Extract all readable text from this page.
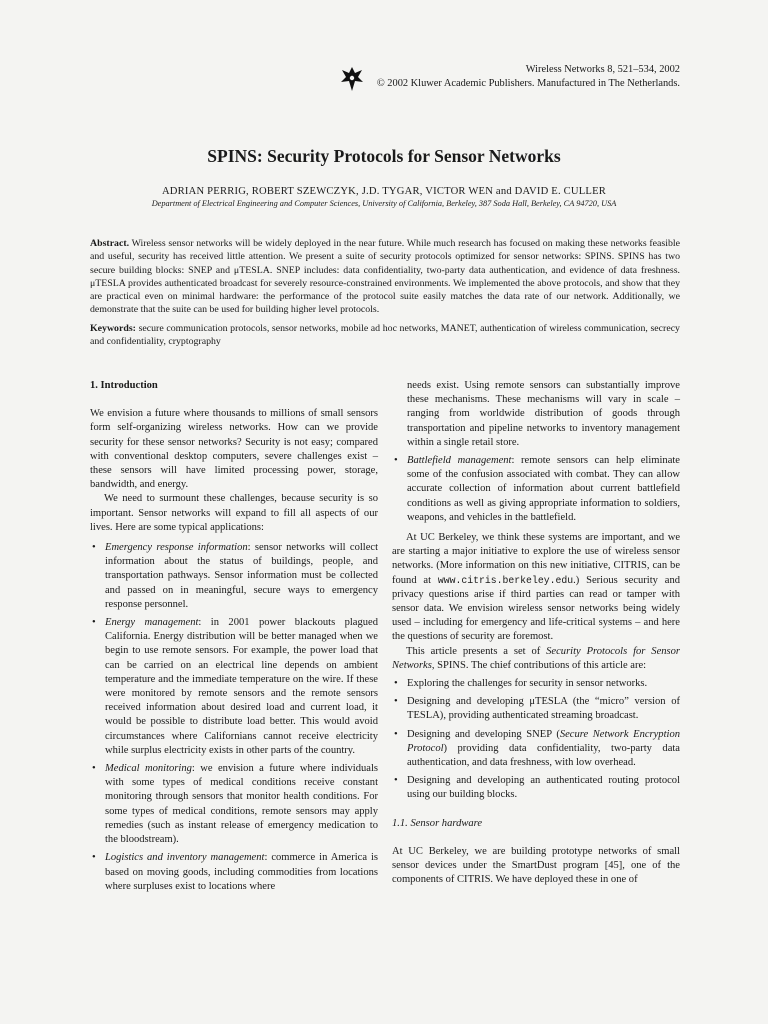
Wireless Networks 8, 521–534, 2002
© 2002 Kluwer Academic Publishers. Manufactured in The Netherlands.
SPINS: Security Protocols for Sensor Networks
ADRIAN PERRIG, ROBERT SZEWCZYK, J.D. TYGAR, VICTOR WEN and DAVID E. CULLER
Department of Electrical Engineering and Computer Sciences, University of California, Berkeley, 387 Soda Hall, Berkeley, CA 94720, USA
Abstract. Wireless sensor networks will be widely deployed in the near future. While much research has focused on making these networks feasible and useful, security has received little attention. We present a suite of security protocols optimized for sensor networks: SPINS. SPINS has two secure building blocks: SNEP and μTESLA. SNEP includes: data confidentiality, two-party data authentication, and evidence of data freshness. μTESLA provides authenticated broadcast for severely resource-constrained environments. We implemented the above protocols, and show that they are practical even on minimal hardware: the performance of the protocol suite easily matches the data rate of our network. Additionally, we demonstrate that the suite can be used for building higher level protocols.
Keywords: secure communication protocols, sensor networks, mobile ad hoc networks, MANET, authentication of wireless communication, secrecy and confidentiality, cryptography
1. Introduction

We envision a future where thousands to millions of small sensors form self-organizing wireless networks. How can we provide security for these sensor networks? Security is not easy; compared with conventional desktop computers, severe challenges exist – these sensors will have limited processing power, storage, bandwidth, and energy.

We need to surmount these challenges, because security is so important. Sensor networks will expand to fill all aspects of our lives. Here are some typical applications:

• Emergency response information: sensor networks will collect information about the status of buildings, people, and transportation pathways. Sensor information must be collected and passed on in meaningful, secure ways to emergency response personnel.
• Energy management: in 2001 power blackouts plagued California. Energy distribution will be better managed when we begin to use remote sensors. For example, the power load that can be carried on an electrical line depends on ambient temperature and the immediate temperature on the wire. If these were monitored by remote sensors and the remote sensors received information about desired load and current load, it would be possible to distribute load better. This would avoid circumstances where Californians cannot receive electricity while surplus electricity exists in other parts of the country.
• Medical monitoring: we envision a future where individuals with some types of medical conditions receive constant monitoring through sensors that monitor health conditions. For some types of medical conditions, remote sensors may apply remedies (such as instant release of emergency medication to the bloodstream).
• Logistics and inventory management: commerce in America is based on moving goods, including commodities from locations where surpluses exist to locations where
needs exist. Using remote sensors can substantially improve these mechanisms. These mechanisms will vary in scale – ranging from worldwide distribution of goods through transportation and pipeline networks to inventory management within a single retail store.
• Battlefield management: remote sensors can help eliminate some of the confusion associated with combat. They can allow accurate collection of information about current battlefield conditions as well as giving appropriate information to soldiers, weapons, and vehicles in the battlefield.

At UC Berkeley, we think these systems are important, and we are starting a major initiative to explore the use of wireless sensor networks. (More information on this new initiative, CITRIS, can be found at www.citris.berkeley.edu.) Serious security and privacy questions arise if third parties can read or tamper with sensor data. We envision wireless sensor networks being widely used – including for emergency and life-critical systems – and here the questions of security are foremost.

This article presents a set of Security Protocols for Sensor Networks, SPINS. The chief contributions of this article are:

• Exploring the challenges for security in sensor networks.
• Designing and developing μTESLA (the “micro” version of TESLA), providing authenticated streaming broadcast.
• Designing and developing SNEP (Secure Network Encryption Protocol) providing data confidentiality, two-party data authentication, and data freshness, with low overhead.
• Designing and developing an authenticated routing protocol using our building blocks.
1.1. Sensor hardware

At UC Berkeley, we are building prototype networks of small sensor devices under the SmartDust program [45], one of the components of CITRIS. We have deployed these in one of
